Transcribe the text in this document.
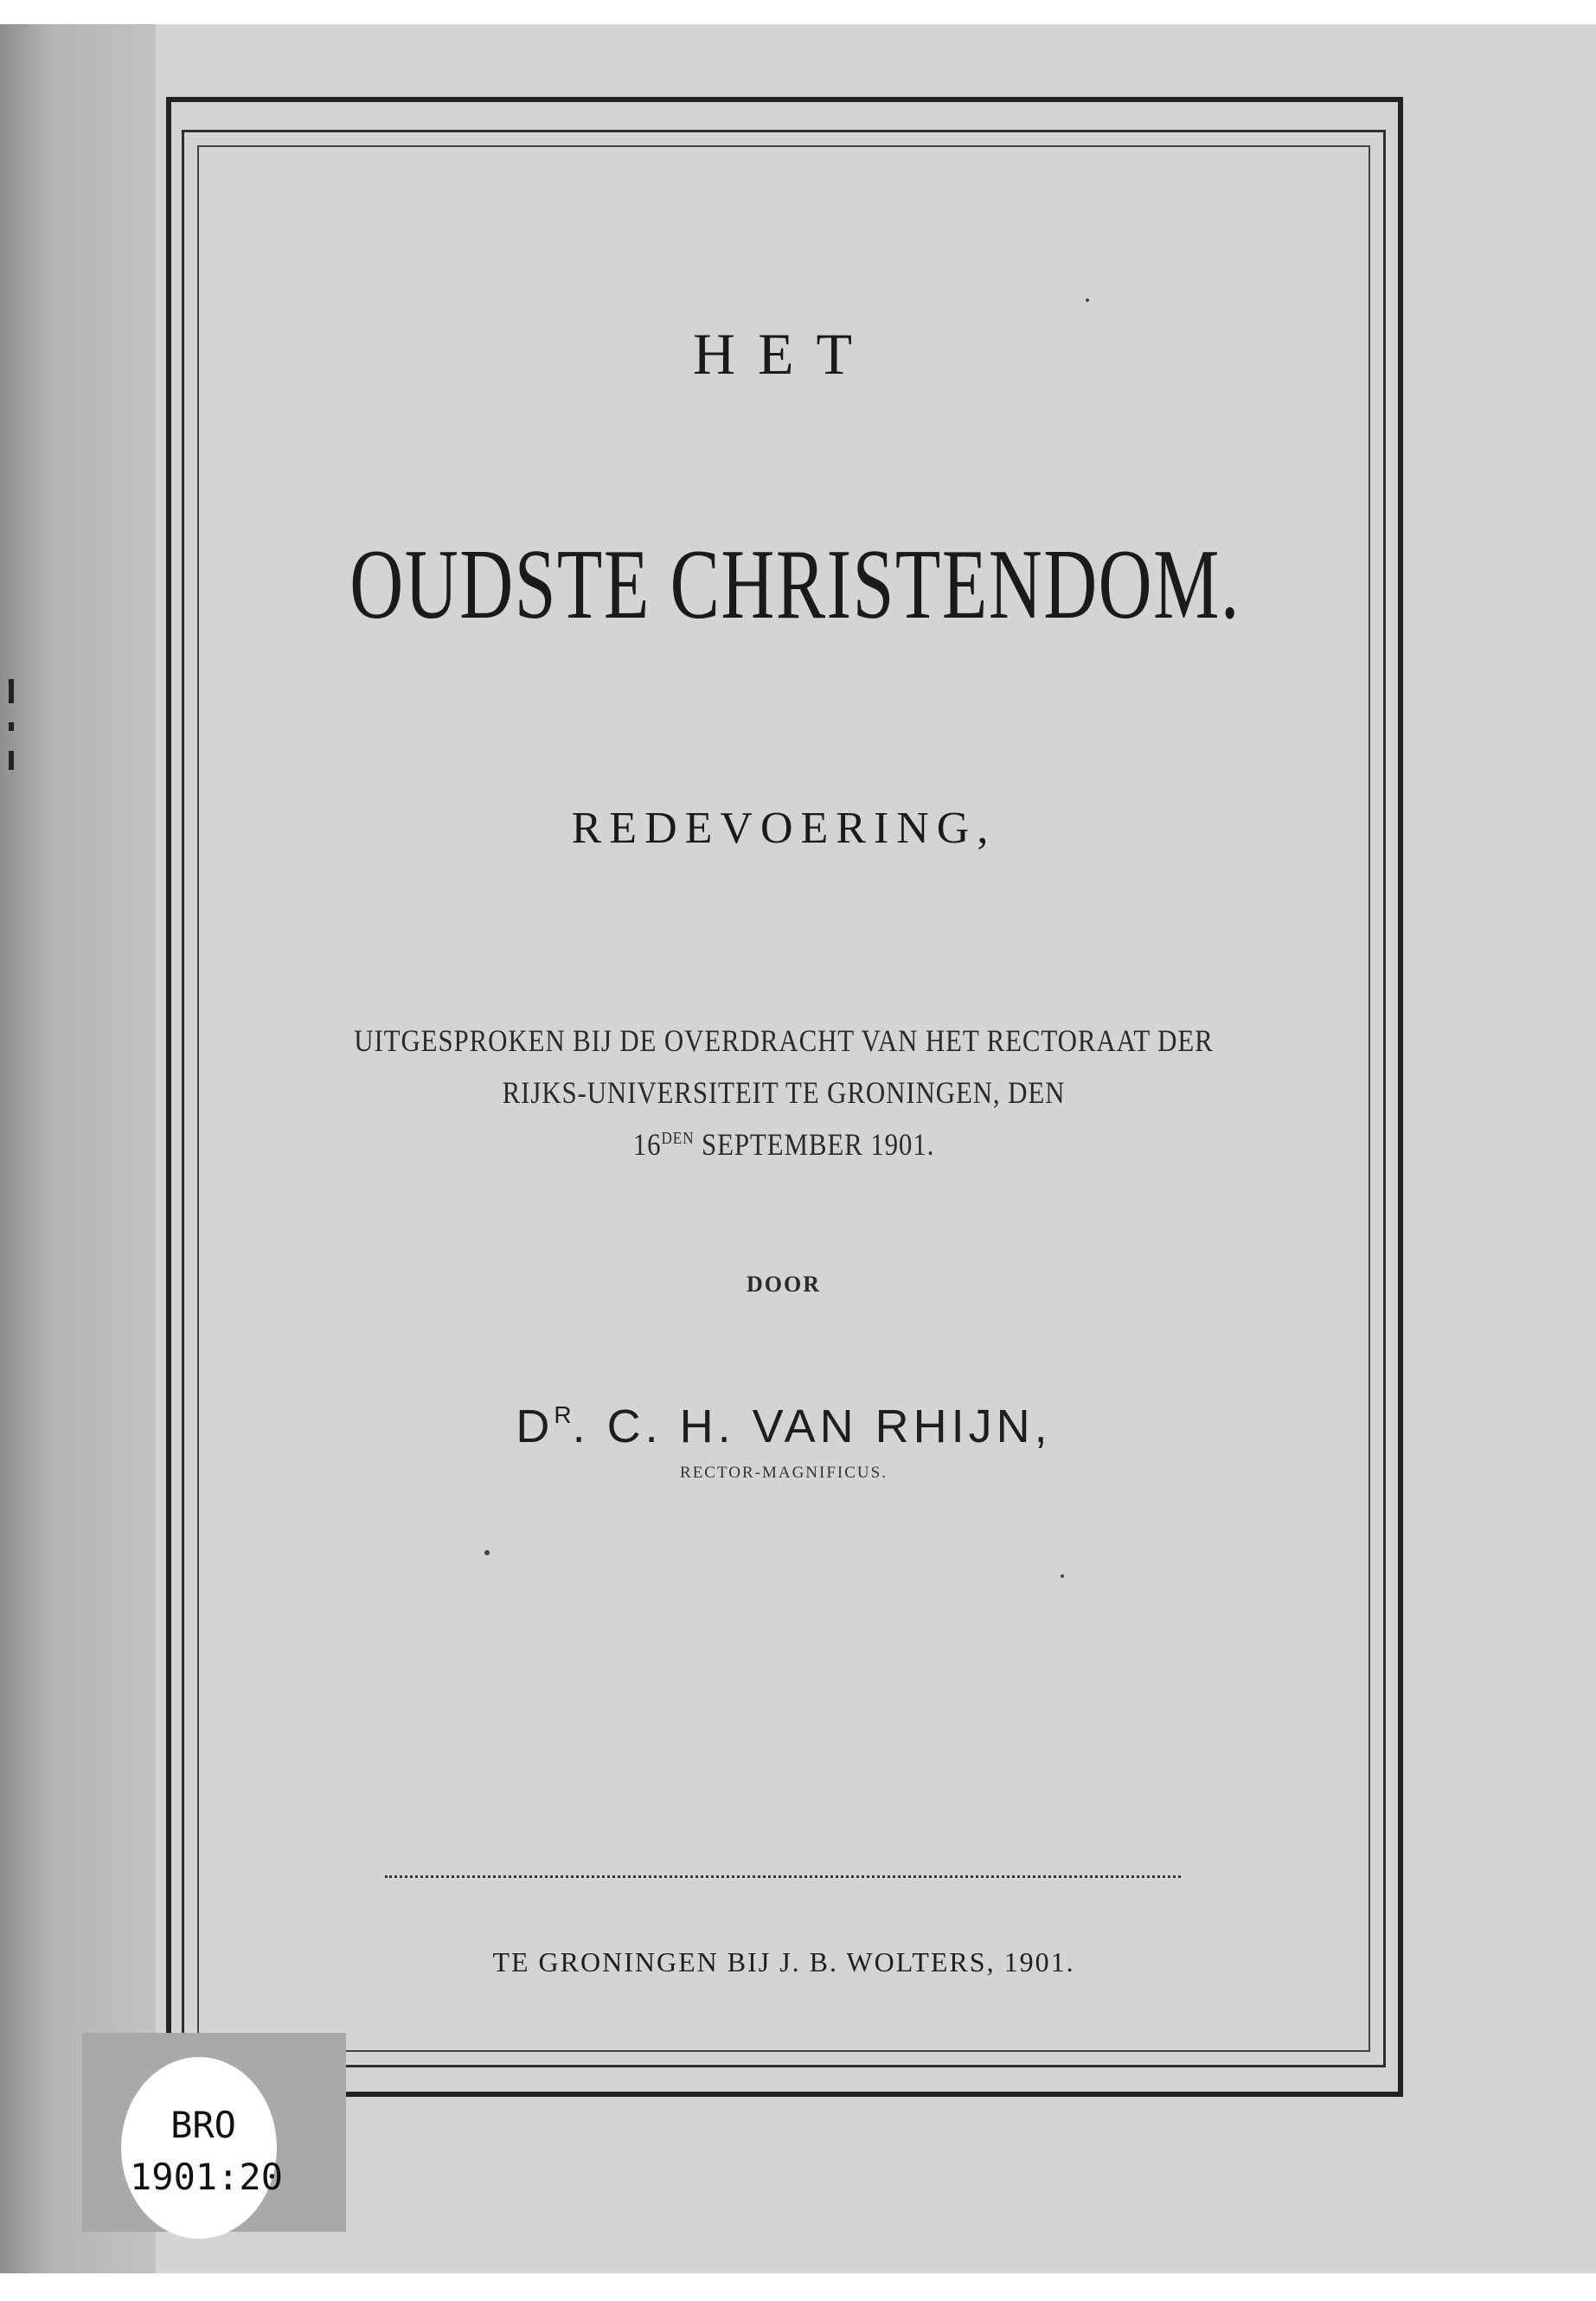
HET
OUDSTE CHRISTENDOM.
REDEVOERING,
UITGESPROKEN BIJ DE OVERDRACHT VAN HET RECTORAAT DER
RIJKS-UNIVERSITEIT TE GRONINGEN, DEN
$16^{DEN}$ SEPTEMBER 1901.
DOOR
$D^R$. C. H. VAN RHIJN,
RECTOR-MAGNIFICUS.
TE GRONINGEN BIJ J. B. WOLTERS, 1901.
BRO
1901:20
